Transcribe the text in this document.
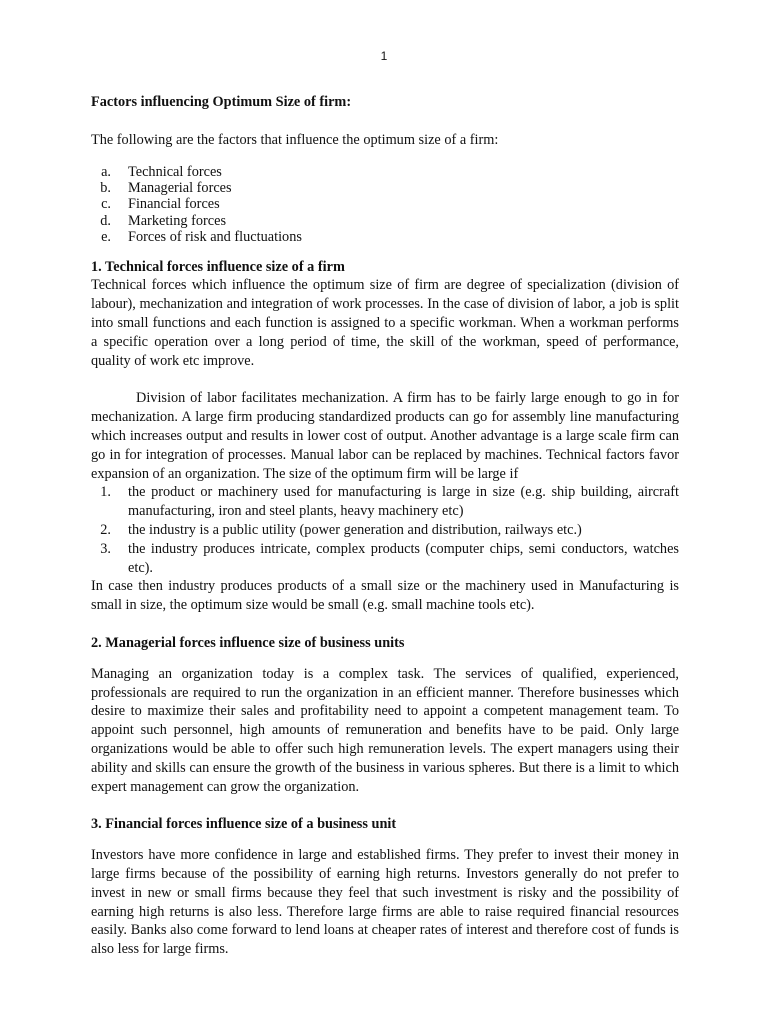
1

Factors influencing Optimum Size of firm:

The following are the factors that influence the optimum size of a firm:

a. Technical forces
b. Managerial forces
c. Financial forces
d. Marketing forces
e. Forces of risk and fluctuations

1. Technical forces influence size of a firm

Technical forces which influence the optimum size of firm are degree of specialization (division of labour), mechanization and integration of work processes. In the case of division of labor, a job is split into small functions and each function is assigned to a specific workman. When a workman performs a specific operation over a long period of time, the skill of the workman, speed of performance, quality of work etc improve.

Division of labor facilitates mechanization. A firm has to be fairly large enough to go in for mechanization. A large firm producing standardized products can go for assembly line manufacturing which increases output and results in lower cost of output. Another advantage is a large scale firm can go in for integration of processes. Manual labor can be replaced by machines. Technical factors favor expansion of an organization. The size of the optimum firm will be large if

1. the product or machinery used for manufacturing is large in size (e.g. ship building, aircraft manufacturing, iron and steel plants, heavy machinery etc)

2. the industry is a public utility (power generation and distribution, railways etc.)

3. the industry produces intricate, complex products (computer chips, semi conductors, watches etc).

In case then industry produces products of a small size or the machinery used in Manufacturing is small in size, the optimum size would be small (e.g. small machine tools etc).

2. Managerial forces influence size of business units

Managing an organization today is a complex task. The services of qualified, experienced, professionals are required to run the organization in an efficient manner. Therefore businesses which desire to maximize their sales and profitability need to appoint a competent management team. To appoint such personnel, high amounts of remuneration and benefits have to be paid. Only large organizations would be able to offer such high remuneration levels. The expert managers using their ability and skills can ensure the growth of the business in various spheres. But there is a limit to which expert management can grow the organization.

3. Financial forces influence size of a business unit

Investors have more confidence in large and established firms. They prefer to invest their money in large firms because of the possibility of earning high returns. Investors generally do not prefer to invest in new or small firms because they feel that such investment is risky and the possibility of earning high returns is also less. Therefore large firms are able to raise required financial resources easily. Banks also come forward to lend loans at cheaper rates of interest and therefore cost of funds is also less for large firms.
